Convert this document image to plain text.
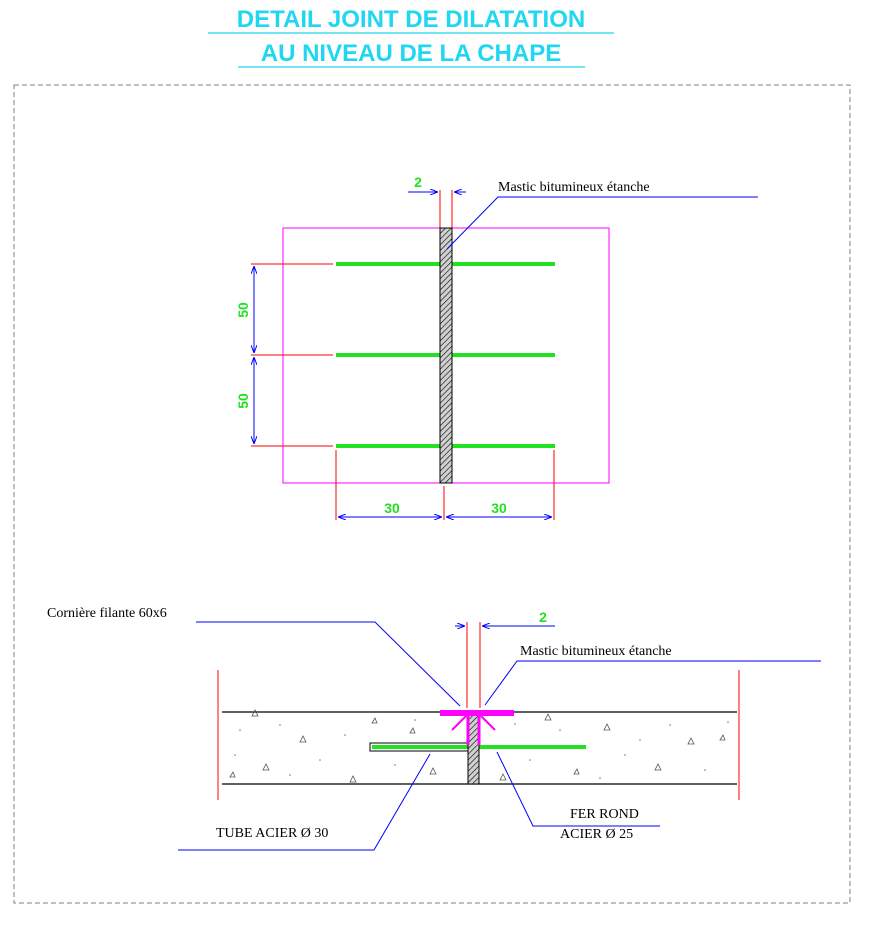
DETAIL JOINT DE DILATATION
AU NIVEAU DE LA CHAPE
50
50
30	30
2	Mastic bitumineux étanche
2
Cornière filante 60x6
Mastic bitumineux étanche
TUBE ACIER Ø 30
FER ROND
ACIER Ø 25
